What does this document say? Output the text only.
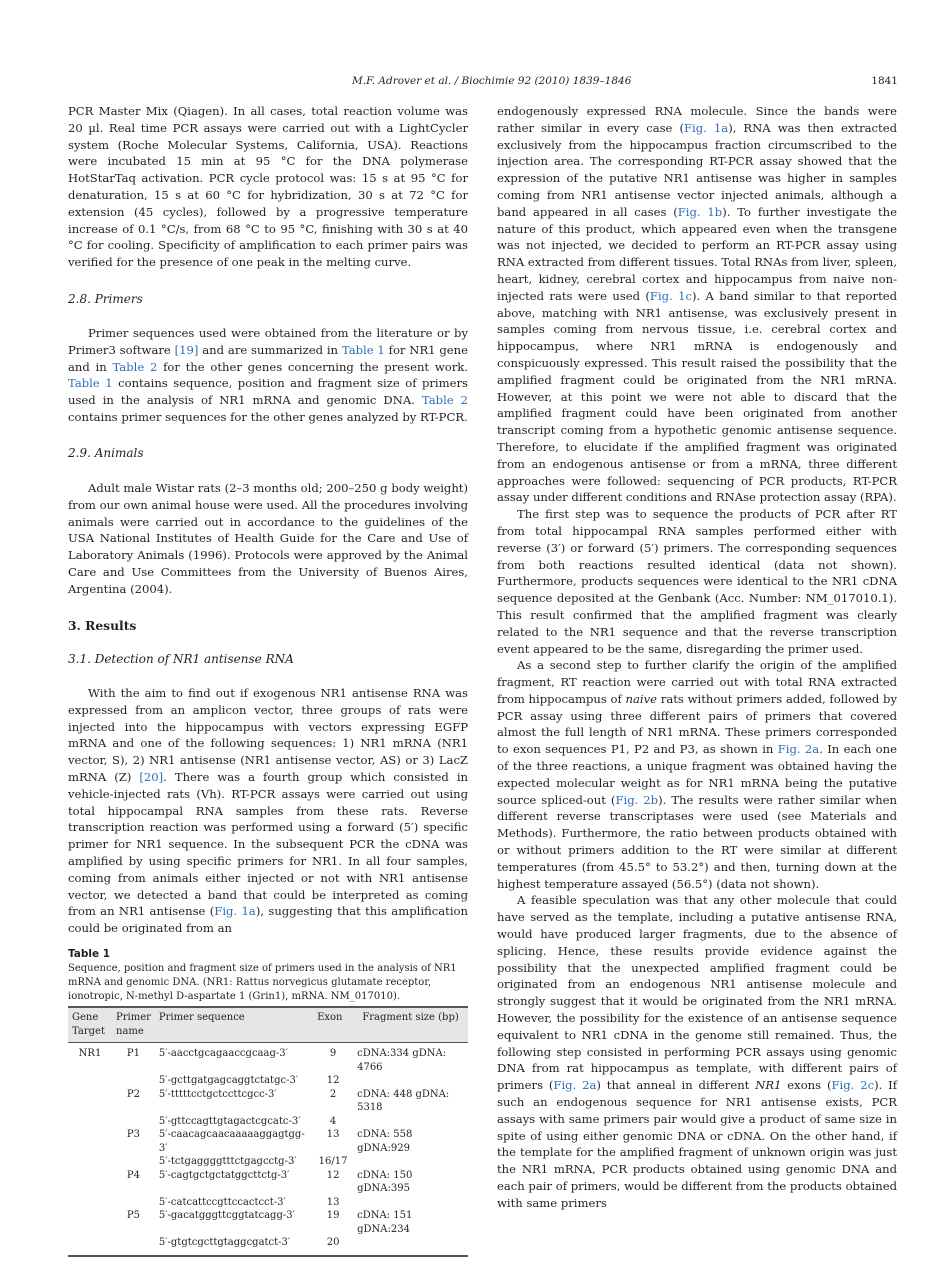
M.F. Adrover et al. / Biochimie 92 (2010) 1839–1846	1841

PCR Master Mix (Qiagen). In all cases, total reaction volume was 20 µl. Real time PCR assays were carried out with a LightCycler system (Roche Molecular Systems, California, USA). Reactions were incubated 15 min at 95 °C for the DNA polymerase HotStarTaq activation. PCR cycle protocol was: 15 s at 95 °C for denaturation, 15 s at 60 °C for hybridization, 30 s at 72 °C for extension (45 cycles), followed by a progressive temperature increase of 0.1 °C/s, from 68 °C to 95 °C, finishing with 30 s at 40 °C for cooling. Specificity of amplification to each primer pairs was verified for the presence of one peak in the melting curve.

2.8. Primers

Primer sequences used were obtained from the literature or by Primer3 software [19] and are summarized in Table 1 for NR1 gene and in Table 2 for the other genes concerning the present work. Table 1 contains sequence, position and fragment size of primers used in the analysis of NR1 mRNA and genomic DNA. Table 2 contains primer sequences for the other genes analyzed by RT-PCR.

2.9. Animals

Adult male Wistar rats (2–3 months old; 200–250 g body weight) from our own animal house were used. All the procedures involving animals were carried out in accordance to the guidelines of the USA National Institutes of Health Guide for the Care and Use of Laboratory Animals (1996). Protocols were approved by the Animal Care and Use Committees from the University of Buenos Aires, Argentina (2004).

3. Results
3.1. Detection of NR1 antisense RNA

With the aim to find out if exogenous NR1 antisense RNA was expressed from an amplicon vector, three groups of rats were injected into the hippocampus with vectors expressing EGFP mRNA and one of the following sequences: 1) NR1 mRNA (NR1 vector, S), 2) NR1 antisense (NR1 antisense vector, AS) or 3) LacZ mRNA (Z) [20]. There was a fourth group which consisted in vehicle-injected rats (Vh). RT-PCR assays were carried out using total hippocampal RNA samples from these rats. Reverse transcription reaction was performed using a forward (5′) specific primer for NR1 sequence. In the subsequent PCR the cDNA was amplified by using specific primers for NR1. In all four samples, coming from animals either injected or not with NR1 antisense vector, we detected a band that could be interpreted as coming from an NR1 antisense (Fig. 1a), suggesting that this amplification could be originated from an

endogenously expressed RNA molecule. Since the bands were rather similar in every case (Fig. 1a), RNA was then extracted exclusively from the hippocampus fraction circumscribed to the injection area. The corresponding RT-PCR assay showed that the expression of the putative NR1 antisense was higher in samples coming from NR1 antisense vector injected animals, although a band appeared in all cases (Fig. 1b). To further investigate the nature of this product, which appeared even when the transgene was not injected, we decided to perform an RT-PCR assay using RNA extracted from different tissues. Total RNAs from liver, spleen, heart, kidney, cerebral cortex and hippocampus from naive non-injected rats were used (Fig. 1c). A band similar to that reported above, matching with NR1 antisense, was exclusively present in samples coming from nervous tissue, i.e. cerebral cortex and hippocampus, where NR1 mRNA is endogenously and conspicuously expressed. This result raised the possibility that the amplified fragment could be originated from the NR1 mRNA. However, at this point we were not able to discard that the amplified fragment could have been originated from another transcript coming from a hypothetic genomic antisense sequence. Therefore, to elucidate if the amplified fragment was originated from an endogenous antisense or from a mRNA, three different approaches were followed: sequencing of PCR products, RT-PCR assay under different conditions and RNAse protection assay (RPA).

The first step was to sequence the products of PCR after RT from total hippocampal RNA samples performed either with reverse (3′) or forward (5′) primers. The corresponding sequences from both reactions resulted identical (data not shown). Furthermore, products sequences were identical to the NR1 cDNA sequence deposited at the Genbank (Acc. Number: NM_017010.1). This result confirmed that the amplified fragment was clearly related to the NR1 sequence and that the reverse transcription event appeared to be the same, disregarding the primer used.

As a second step to further clarify the origin of the amplified fragment, RT reaction were carried out with total RNA extracted from hippocampus of naive rats without primers added, followed by PCR assay using three different pairs of primers that covered almost the full length of NR1 mRNA. These primers corresponded to exon sequences P1, P2 and P3, as shown in Fig. 2a. In each one of the three reactions, a unique fragment was obtained having the expected molecular weight as for NR1 mRNA being the putative source spliced-out (Fig. 2b). The results were rather similar when different reverse transcriptases were used (see Materials and Methods). Furthermore, the ratio between products obtained with or without primers addition to the RT were similar at different temperatures (from 45.5° to 53.2°) and then, turning down at the highest temperature assayed (56.5°) (data not shown).

A feasible speculation was that any other molecule that could have served as the template, including a putative antisense RNA, would have produced larger fragments, due to the absence of splicing. Hence, these results provide evidence against the possibility that the unexpected amplified fragment could be originated from an endogenous NR1 antisense molecule and strongly suggest that it would be originated from the NR1 mRNA. However, the possibility for the existence of an antisense sequence equivalent to NR1 cDNA in the genome still remained. Thus, the following step consisted in performing PCR assays using genomic DNA from rat hippocampus as template, with different pairs of primers (Fig. 2a) that anneal in different NR1 exons (Fig. 2c). If such an endogenous sequence for NR1 antisense exists, PCR assays with same primers pair would give a product of same size in spite of using either genomic DNA or cDNA. On the other hand, if the template for the amplified fragment of unknown origin was just the NR1 mRNA, PCR products obtained using genomic DNA and each pair of primers, would be different from the products obtained with same primers

Table 1
Sequence, position and fragment size of primers used in the analysis of NR1 mRNA and genomic DNA. (NR1: Rattus norvegicus glutamate receptor, ionotropic, N-methyl D-aspartate 1 (Grin1), mRNA. NM_017010).
Gene Target	Primer name	Primer sequence	Exon	Fragment size (bp)
NR1	P1	5′-aacctgcagaaccgcaag-3′	9	cDNA:334 gDNA: 4766
		5′-gcttgatgagcaggtctatgc-3′	12	
	P2	5′-tttttcctgctccttcgcc-3′	2	cDNA: 448 gDNA: 5318
		5′-gttccagttgtagactcgcatc-3′	4	
	P3	5′-caacagcaacaaaaaggagtgg-3′	13	cDNA: 558 gDNA:929
		5′-tctgaggggtttctgagcctg-3′	16/17	
	P4	5′-cagtgctgctatggcttctg-3′	12	cDNA: 150 gDNA:395
		5′-catcattccgttccactcct-3′	13	
	P5	5′-gacatgggttcggtatcagg-3′	19	cDNA: 151 gDNA:234
		5′-gtgtcgcttgtaggcgatct-3′	20	
